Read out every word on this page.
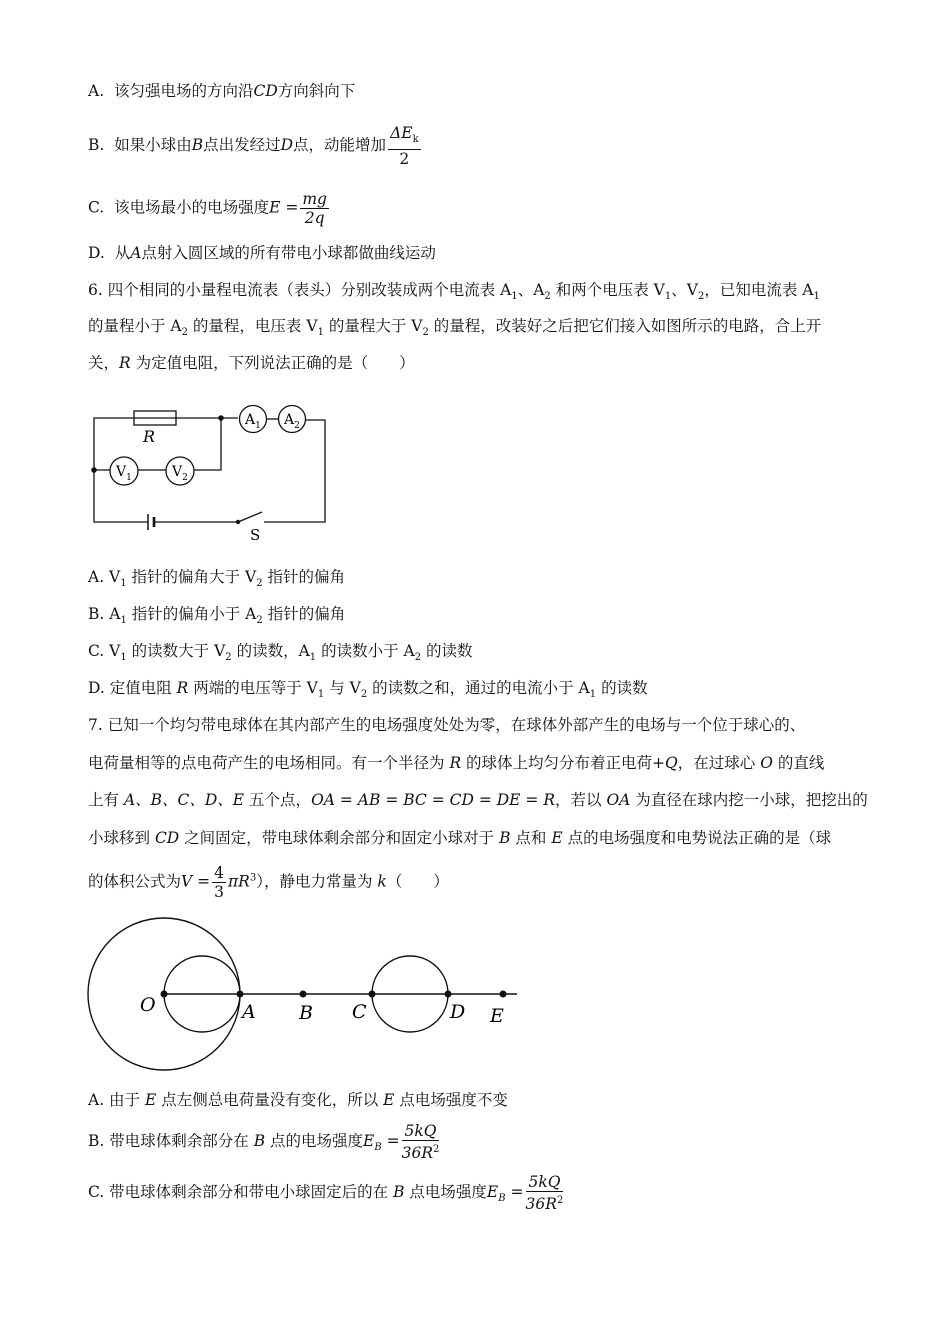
A. 该匀强电场的方向沿CD方向斜向下
B. 如果小球由B点出发经过D点，动能增加 $\frac{\Delta E_k}{2}$
C. 该电场最小的电场强度$E = \frac{mg}{2q}$
D. 从A点射入圆区域的所有带电小球都做曲线运动
6. 四个相同的小量程电流表（表头）分别改装成两个电流表 $A_1$、$A_2$ 和两个电压表 $V_1$、$V_2$，已知电流表 $A_1$
的量程小于 $A_2$ 的量程，电压表 $V_1$ 的量程大于 $V_2$ 的量程，改装好之后把它们接入如图所示的电路，合上开
关，R 为定值电阻，下列说法正确的是（　　）
R
$A_1$ $A_2$
$V_1$	$V_2$
S
A. $V_1$ 指针的偏角大于 $V_2$ 指针的偏角
B. $A_1$ 指针的偏角小于 $A_2$ 指针的偏角
C. $V_1$ 的读数大于 $V_2$ 的读数，$A_1$ 的读数小于 $A_2$ 的读数
D. 定值电阻 R 两端的电压等于 $V_1$ 与 $V_2$ 的读数之和，通过的电流小于 $A_1$ 的读数
7. 已知一个均匀带电球体在其内部产生的电场强度处处为零，在球体外部产生的电场与一个位于球心的、
电荷量相等的点电荷产生的电场相同。有一个半径为 R 的球体上均匀分布着正电荷+Q，在过球心 O 的直线
上有 A、B、C、D、E 五个点，OA = AB = BC = CD = DE = R，若以 OA 为直径在球内挖一小球，把挖出的
小球移到 CD 之间固定，带电球体剩余部分和固定小球对于 B 点和 E 点的电场强度和电势说法正确的是（球
的体积公式为$V = \frac{4}{3} \pi R^3$），静电力常量为 k（　　）
O	A B C	D E
A. 由于 E 点左侧总电荷量没有变化，所以 E 点电场强度不变
B. 带电球体剩余部分在 B 点的电场强度$E_B = \frac{5kQ}{36R^2}$
C. 带电球体剩余部分和带电小球固定后的在 B 点电场强度$E_B = \frac{5kQ}{36R^2}$
